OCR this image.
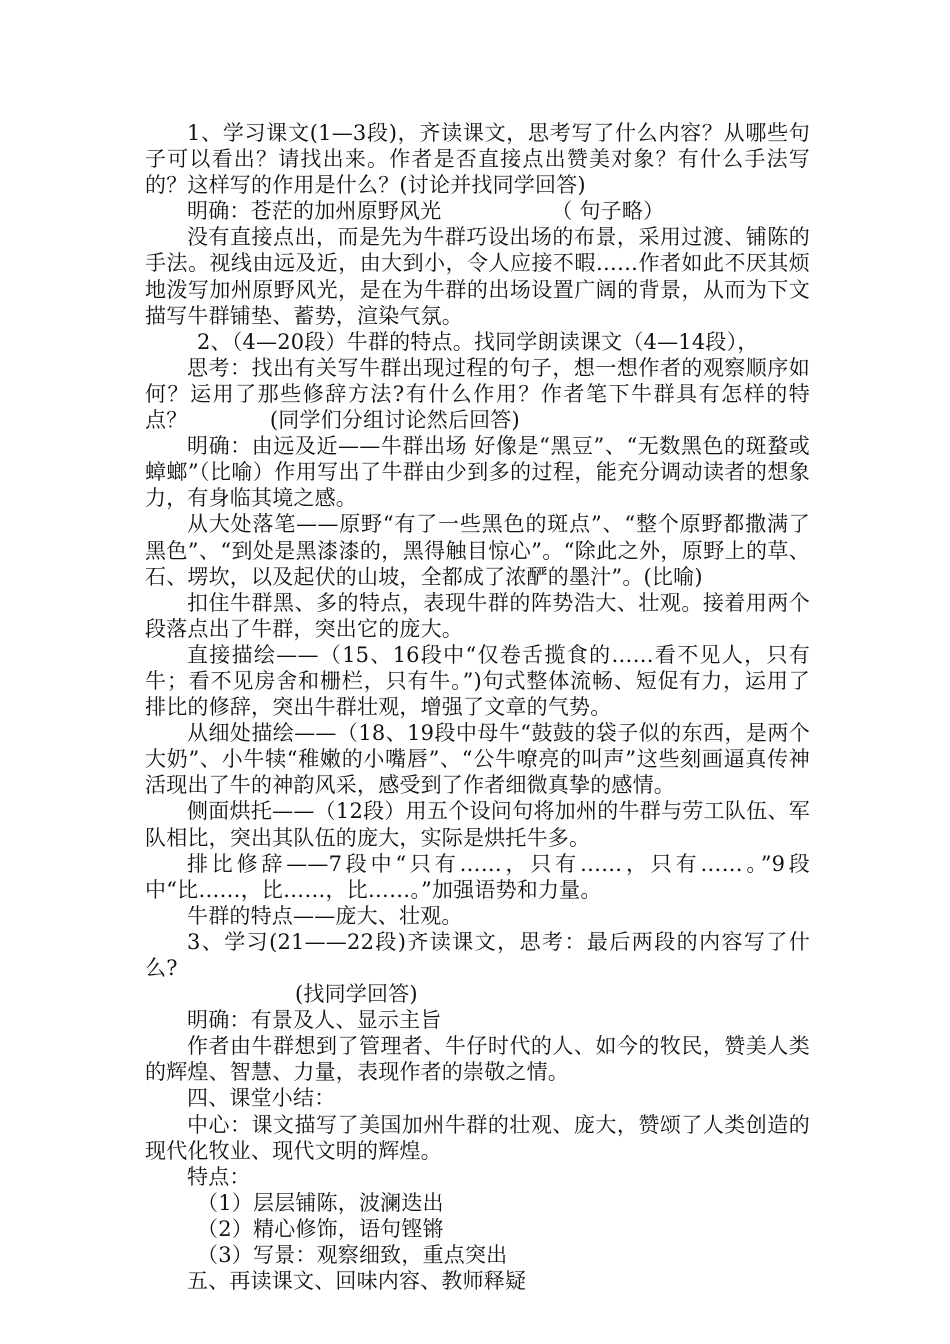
1、学习课文(1—3段)，齐读课文，思考写了什么内容？从哪些句子可以看出？请找出来。作者是否直接点出赞美对象？有什么手法写的？这样写的作用是什么？(讨论并找同学回答)

明确：苍茫的加州原野风光                （ 句子略）

没有直接点出，而是先为牛群巧设出场的布景，采用过渡、铺陈的手法。视线由远及近，由大到小，令人应接不暇……作者如此不厌其烦地泼写加州原野风光，是在为牛群的出场设置广阔的背景，从而为下文描写牛群铺垫、蓄势，渲染气氛。

2、（4—20段）牛群的特点。找同学朗读课文（4—14段），

思考：找出有关写牛群出现过程的句子，想一想作者的观察顺序如何？运用了那些修辞方法?有什么作用？作者笔下牛群具有怎样的特点？            (同学们分组讨论然后回答)

明确：由远及近——牛群出场 好像是“黑豆”、“无数黑色的斑蝥或蟑螂”（比喻）作用写出了牛群由少到多的过程，能充分调动读者的想象力，有身临其境之感。

从大处落笔——原野“有了一些黑色的斑点”、“整个原野都撒满了黑色”、“到处是黑漆漆的，黑得触目惊心”。“除此之外，原野上的草、石、塄坎，以及起伏的山坡，全都成了浓酽的墨汁”。(比喻)

扣住牛群黑、多的特点，表现牛群的阵势浩大、壮观。接着用两个段落点出了牛群，突出它的庞大。

直接描绘——（15、16段中“仅卷舌揽食的……看不见人，只有牛；看不见房舍和栅栏，只有牛。”)句式整体流畅、短促有力，运用了排比的修辞，突出牛群壮观，增强了文章的气势。

从细处描绘——（18、19段中母牛“鼓鼓的袋子似的东西，是两个大奶”、小牛犊“稚嫩的小嘴唇”、“公牛嘹亮的叫声”这些刻画逼真传神活现出了牛的神韵风采，感受到了作者细微真挚的感情。

侧面烘托——（12段）用五个设问句将加州的牛群与劳工队伍、军队相比，突出其队伍的庞大，实际是烘托牛多。

排比修辞——7段中“只有……，只有……，只有……。”9段中“比……，比……，比……。”加强语势和力量。

牛群的特点——庞大、壮观。

3、学习(21——22段)齐读课文，思考：最后两段的内容写了什么?

(找同学回答)

明确：有景及人、显示主旨

作者由牛群想到了管理者、牛仔时代的人、如今的牧民，赞美人类的辉煌、智慧、力量，表现作者的崇敬之情。

四、课堂小结：

中心：课文描写了美国加州牛群的壮观、庞大，赞颂了人类创造的现代化牧业、现代文明的辉煌。

特点：

（1）层层铺陈，波澜迭出

（2）精心修饰，语句铿锵

（3）写景：观察细致，重点突出

五、再读课文、回味内容、教师释疑
